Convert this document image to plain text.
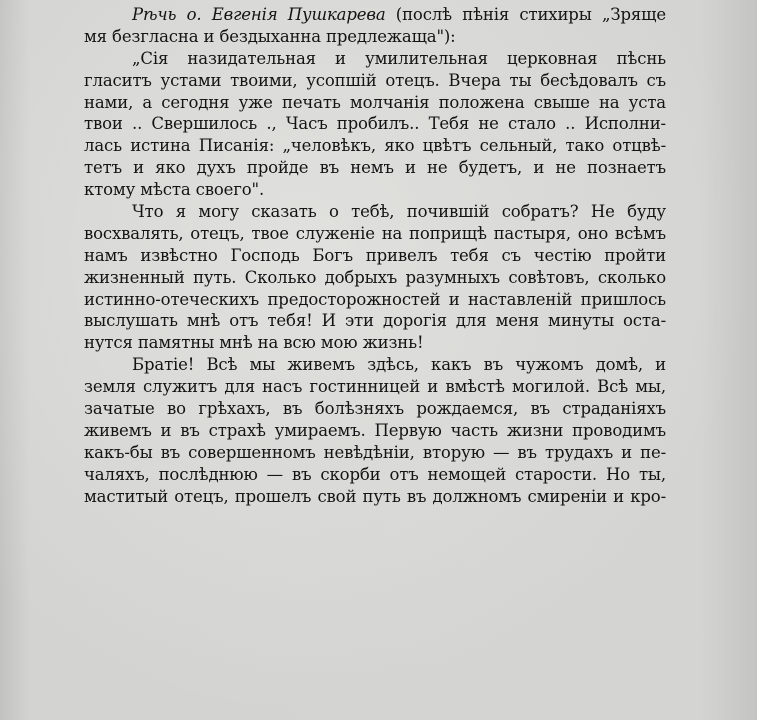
Рѣчь о. Евгенія Пушкарева (послѣ пѣнія стихиры „Зряще
мя безгласна и бездыханна предлежаща"):
„Сія назидательная и умилительная церковная пѣснь
гласитъ устами твоими, усопшій отецъ. Вчера ты бесѣдовалъ съ
нами, а сегодня уже печать молчанія положена свыше на уста
твои .. Свершилось ., Часъ пробилъ.. Тебя не стало .. Исполни-
лась истина Писанія: „человѣкъ, яко цвѣтъ сельный, тако отцвѣ-
тетъ и яко духъ пройде въ немъ и не будетъ, и не познаетъ
ктому мѣста своего".
Что я могу сказать о тебѣ, почившій собратъ? Не буду
восхвалять, отецъ, твое служеніе на поприщѣ пастыря, оно всѣмъ
намъ извѣстно Господь Богъ привелъ тебя съ честію пройти
жизненный путь. Сколько добрыхъ разумныхъ совѣтовъ, сколько
истинно-отеческихъ предосторожностей и наставленій пришлось
выслушать мнѣ отъ тебя! И эти дорогія для меня минуты оста-
нутся памятны мнѣ на всю мою жизнь!
Братіе! Всѣ мы живемъ здѣсь, какъ въ чужомъ домѣ, и
земля служитъ для насъ гостинницей и вмѣстѣ могилой. Всѣ мы,
зачатые во грѣхахъ, въ болѣзняхъ рождаемся, въ страданіяхъ
живемъ и въ страхѣ умираемъ. Первую часть жизни проводимъ
какъ-бы въ совершенномъ невѣдѣніи, вторую — въ трудахъ и пе-
чаляхъ, послѣднюю — въ скорби отъ немощей старости. Но ты,
маститый отецъ, прошелъ свой путь въ должномъ смиреніи и кро-
